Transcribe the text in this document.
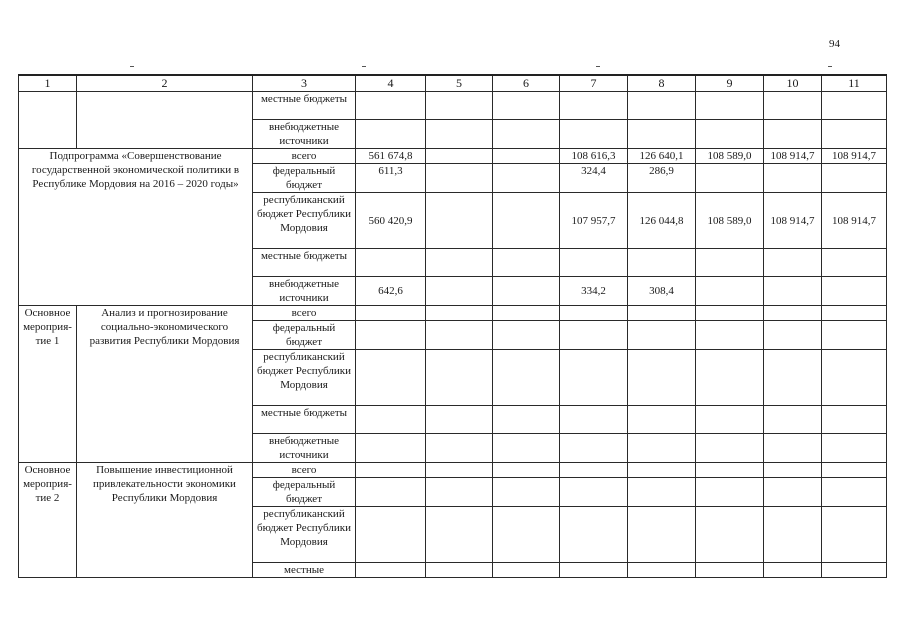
94
1	2	3	4	5	6	7	8	9	10	11
		местные бюджеты								
		внебюджетные источники								
Подпрограмма «Совершенствование государственной экономической политики в Республике Мордовия на 2016 – 2020 годы»		всего	561 674,8			108 616,3	126 640,1	108 589,0	108 914,7	108 914,7
		федеральный бюджет	611,3			324,4	286,9			
		республиканский бюджет Республики Мордовия	560 420,9			107 957,7	126 044,8	108 589,0	108 914,7	108 914,7
		местные бюджеты								
		внебюджетные источники	642,6			334,2	308,4			
Основное мероприя-тие 1	Анализ и прогнозирование социально-экономического развития Республики Мордовия	всего								
		федеральный бюджет								
		республиканский бюджет Республики Мордовия								
		местные бюджеты								
		внебюджетные источники								
Основное мероприя-тие 2	Повышение инвестиционной привлекательности экономики Республики Мордовия	всего								
		федеральный бюджет								
		республиканский бюджет Республики Мордовия								
		местные								
